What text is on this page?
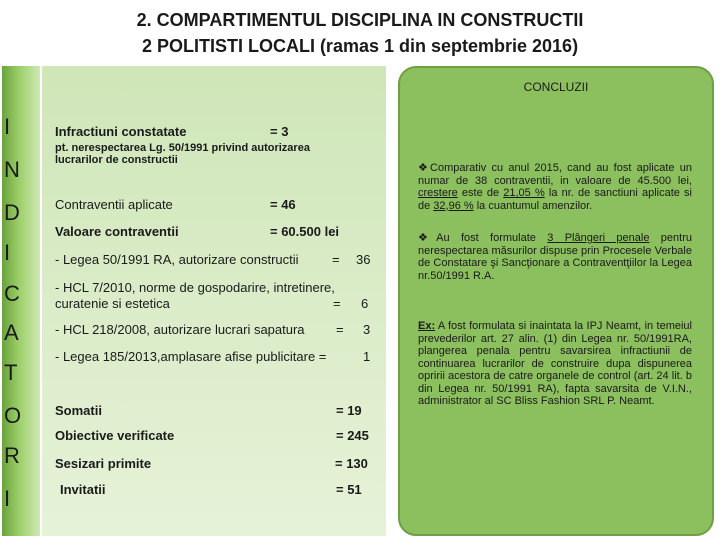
2. COMPARTIMENTUL DISCIPLINA IN CONSTRUCTII
2 POLITISTI LOCALI (ramas 1 din septembrie 2016)
I
N
D
I
C
A
T
O
R
I
Infractiuni constatate	= 3
pt. nerespectarea Lg. 50/1991 privind autorizarea
lucrarilor de constructii
Contraventii aplicate	= 46
Valoare contraventii	= 60.500 lei
- Legea 50/1991 RA, autorizare constructii	= 36
- HCL 7/2010, norme de gospodarire, intretinere,
curatenie si estetica	= 6
- HCL 218/2008, autorizare lucrari sapatura = 3
- Legea 185/2013,amplasare afise publicitare =	1
Somatii	= 19
Obiective verificate	= 245
Sesizari primite	= 130
Invitatii	= 51
CONCLUZII
❖Comparativ cu anul 2015, cand au fost aplicate un numar de 38 contraventii, in valoare de 45.500 lei, crestere este de 21,05 % la nr. de sanctiuni aplicate si de 32,96 % la cuantumul amenzilor.
❖Au fost formulate 3 Plângeri penale pentru nerespectarea măsurilor dispuse prin Procesele Verbale de Constatare şi Sancţionare a Contraventţiilor la Legea nr.50/1991 R.A.
Ex: A fost formulata si inaintata la IPJ Neamt, in temeiul prevederilor art. 27 alin. (1) din Legea nr. 50/1991RA, plangerea penala pentru savarsirea infractiunii de continuarea lucrarilor de construire dupa dispunerea opririi acestora de catre organele de control (art. 24 lit. b din Legea nr. 50/1991 RA), fapta savarsita de V.I.N., administrator al SC Bliss Fashion SRL P. Neamt.
